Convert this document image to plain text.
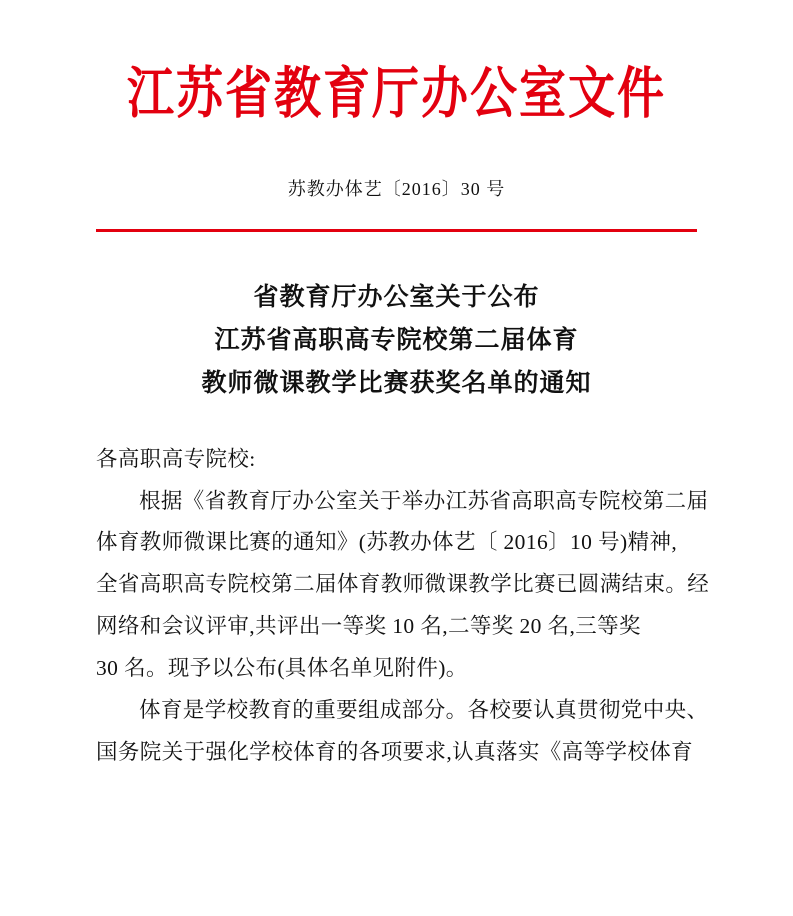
江苏省教育厅办公室文件
苏教办体艺〔2016〕30 号
省教育厅办公室关于公布
江苏省高职高专院校第二届体育
教师微课教学比赛获奖名单的通知

各高职高专院校:

根据《省教育厅办公室关于举办江苏省高职高专院校第二届

体育教师微课比赛的通知》(苏教办体艺〔 2016〕10 号)精神,
全省高职高专院校第二届体育教师微课教学比赛已圆满结束。经
网络和会议评审,共评出一等奖 10 名,二等奖 20 名,三等奖
30 名。现予以公布(具体名单见附件)。

体育是学校教育的重要组成部分。各校要认真贯彻党中央、

国务院关于强化学校体育的各项要求,认真落实《高等学校体育
